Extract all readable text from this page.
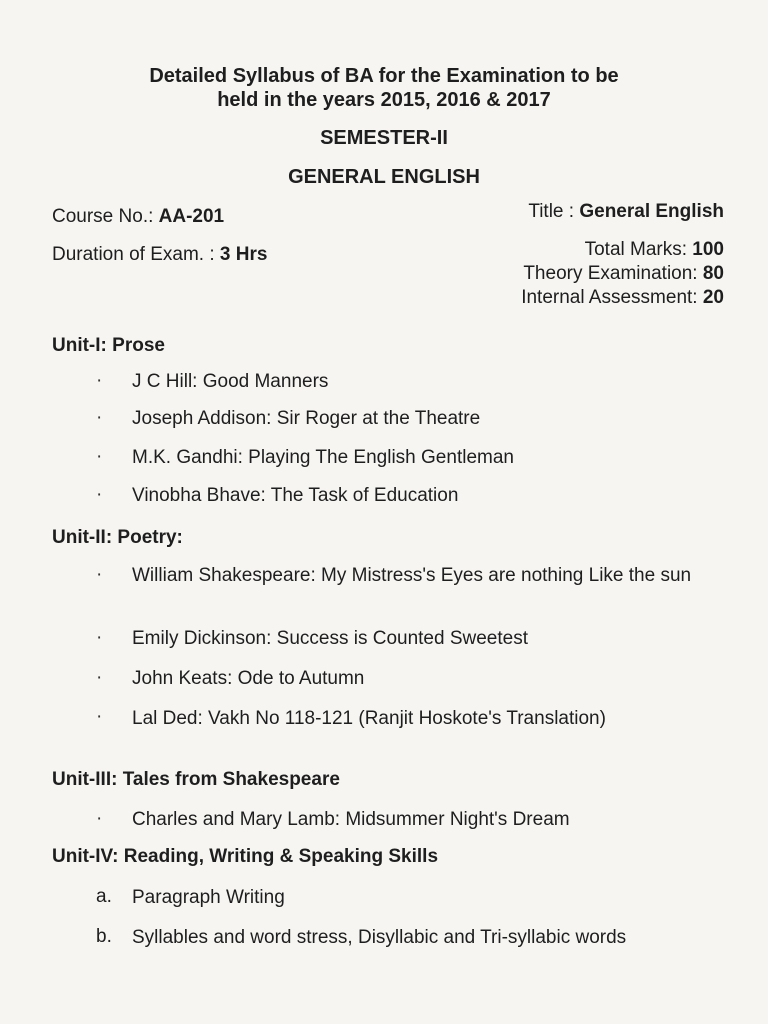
Detailed Syllabus of BA for the Examination to be
held in the years 2015, 2016 & 2017
SEMESTER-II
GENERAL ENGLISH
Course No.: AA-201
Duration of Exam. : 3 Hrs
Title : General English
Total Marks: 100
Theory Examination: 80
Internal Assessment: 20
Unit-I: Prose
· J C Hill: Good Manners
· Joseph Addison: Sir Roger at the Theatre
· M.K. Gandhi: Playing The English Gentleman
· Vinobha Bhave: The Task of Education
Unit-II: Poetry:
· William Shakespeare: My Mistress's Eyes are nothing Like the sun
· Emily Dickinson: Success is Counted Sweetest
· John Keats: Ode to Autumn
·	Lal Ded: Vakh No 118-121 (Ranjit Hoskote's Translation)
Unit-III: Tales from Shakespeare
· Charles and Mary Lamb: Midsummer Night's Dream
Unit-IV: Reading, Writing & Speaking Skills
a. Paragraph Writing
b. Syllables and word stress, Disyllabic and Tri-syllabic words
